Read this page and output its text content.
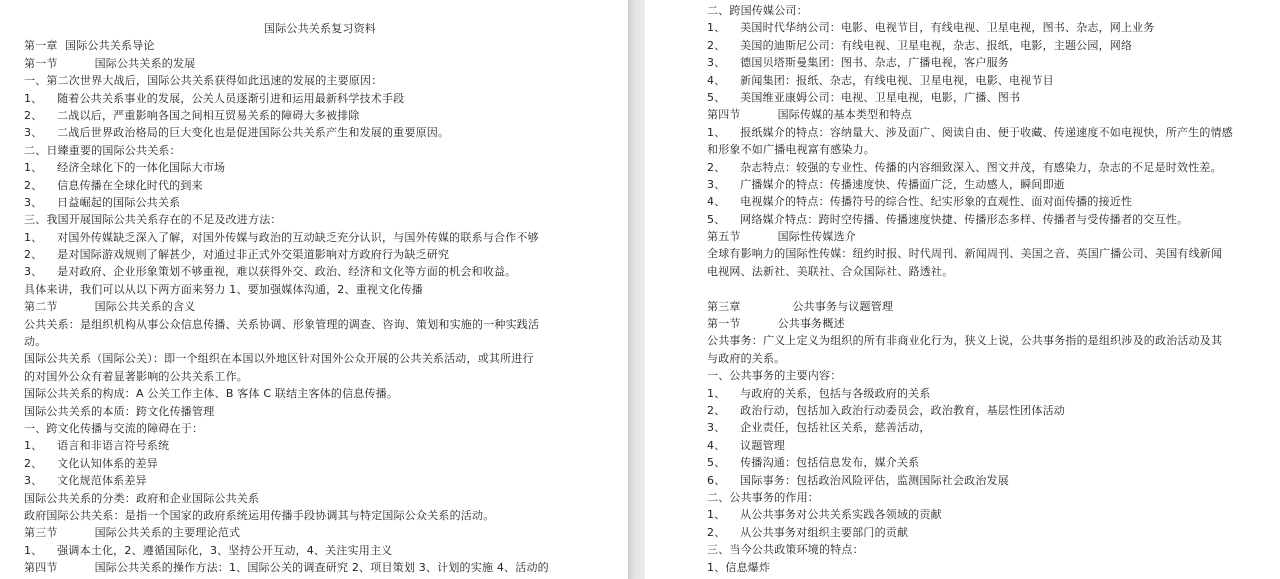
国际公共关系复习资料
第一章  国际公共关系导论
第一节          国际公共关系的发展
一、第二次世界大战后，国际公共关系获得如此迅速的发展的主要原因：
1、    随着公共关系事业的发展，公关人员逐渐引进和运用最新科学技术手段
2、    二战以后，严重影响各国之间相互贸易关系的障碍大多被排除
3、    二战后世界政治格局的巨大变化也是促进国际公共关系产生和发展的重要原因。
二、日臻重要的国际公共关系：
1、    经济全球化下的一体化国际大市场
2、    信息传播在全球化时代的到来
3、    日益崛起的国际公共关系
三、我国开展国际公共关系存在的不足及改进方法：
1、    对国外传媒缺乏深入了解，对国外传媒与政治的互动缺乏充分认识，与国外传媒的联系与合作不够
2、    是对国际游戏规则了解甚少，对通过非正式外交渠道影响对方政府行为缺乏研究
3、    是对政府、企业形象策划不够重视，难以获得外交、政治、经济和文化等方面的机会和收益。
具体来讲，我们可以从以下两方面来努力 1、要加强媒体沟通，2、重视文化传播
第二节          国际公共关系的含义
公共关系：是组织机构从事公众信息传播、关系协调、形象管理的调查、咨询、策划和实施的一种实践活
动。
国际公共关系（国际公关）：即一个组织在本国以外地区针对国外公众开展的公共关系活动，或其所进行
的对国外公众有着显著影响的公共关系工作。
国际公共关系的构成：A 公关工作主体、B 客体 C 联结主客体的信息传播。
国际公共关系的本质：跨文化传播管理
一、跨文化传播与交流的障碍在于：
1、    语言和非语言符号系统
2、    文化认知体系的差异
3、    文化规范体系差异
国际公共关系的分类：政府和企业国际公共关系
政府国际公共关系：是指一个国家的政府系统运用传播手段协调其与特定国际公众关系的活动。
第三节          国际公共关系的主要理论范式
1、    强调本土化，2、遵循国际化，3、坚持公开互动，4、关注实用主义
第四节          国际公共关系的操作方法：1、国际公关的调查研究 2、项目策划 3、计划的实施 4、活动的
二、跨国传媒公司：
1、    美国时代华纳公司：电影、电视节目，有线电视、卫星电视，图书、杂志，网上业务
2、    美国的迪斯尼公司：有线电视、卫星电视，杂志、报纸，电影，主题公园，网络
3、    德国贝塔斯曼集团：图书、杂志，广播电视，客户服务
4、    新闻集团：报纸、杂志，有线电视、卫星电视，电影、电视节目
5、    美国维亚康姆公司：电视、卫星电视，电影，广播、图书
第四节          国际传媒的基本类型和特点
1、    报纸媒介的特点：容纳量大、涉及面广、阅读自由、便于收藏、传递速度不如电视快，所产生的情感
和形象不如广播电视富有感染力。
2、    杂志特点：较强的专业性、传播的内容细致深入、图文并茂，有感染力，杂志的不足是时效性差。
3、    广播媒介的特点：传播速度快、传播面广泛，生动感人，瞬间即逝
4、    电视媒介的特点：传播符号的综合性、纪实形象的直观性、面对面传播的接近性
5、    网络媒介特点：跨时空传播、传播速度快捷、传播形态多样、传播者与受传播者的交互性。
第五节          国际性传媒选介
全球有影响力的国际性传媒：纽约时报、时代周刊、新闻周刊、美国之音、英国广播公司、美国有线新闻
电视网、法新社、美联社、合众国际社、路透社。
第三章              公共事务与议题管理
第一节          公共事务概述
公共事务：广义上定义为组织的所有非商业化行为，狭义上说，公共事务指的是组织涉及的政治活动及其
与政府的关系。
一、公共事务的主要内容：
1、    与政府的关系，包括与各级政府的关系
2、    政治行动，包括加入政治行动委员会，政治教育，基层性团体活动
3、    企业责任，包括社区关系，慈善活动，
4、    议题管理
5、    传播沟通：包括信息发布，媒介关系
6、    国际事务：包括政治风险评估，监测国际社会政治发展
二、公共事务的作用：
1、    从公共事务对公共关系实践各领域的贡献
2、    从公共事务对组织主要部门的贡献
三、当今公共政策环境的特点：
1、信息爆炸
